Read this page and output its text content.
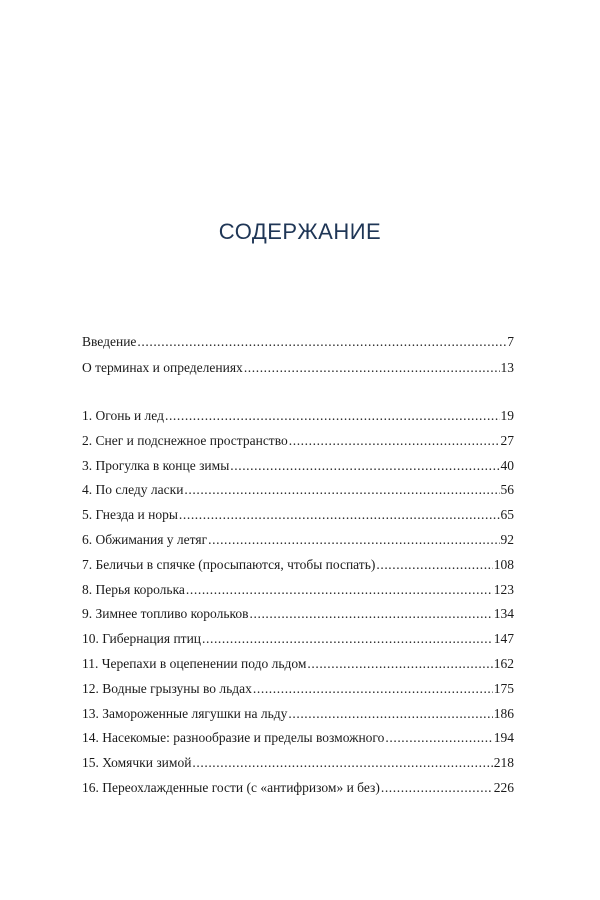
СОДЕРЖАНИЕ
Введение .....	7
О терминах и определениях .....	13
1. Огонь и лед .....	19
2. Снег и подснежное пространство .....	27
3. Прогулка в конце зимы .....	40
4. По следу ласки .....	56
5. Гнезда и норы .....	65
6. Обжимания у летяг .....	92
7. Беличьи в спячке (просыпаются, чтобы поспать) .....	108
8. Перья королька .....	123
9. Зимнее топливо корольков .....	134
10. Гибернация птиц .....	147
11. Черепахи в оцепенении подо льдом .....	162
12. Водные грызуны во льдах .....	175
13. Замороженные лягушки на льду .....	186
14. Насекомые: разнообразие и пределы возможного .....	194
15. Хомячки зимой .....	218
16. Переохлажденные гости (с «антифризом» и без) .....	226
